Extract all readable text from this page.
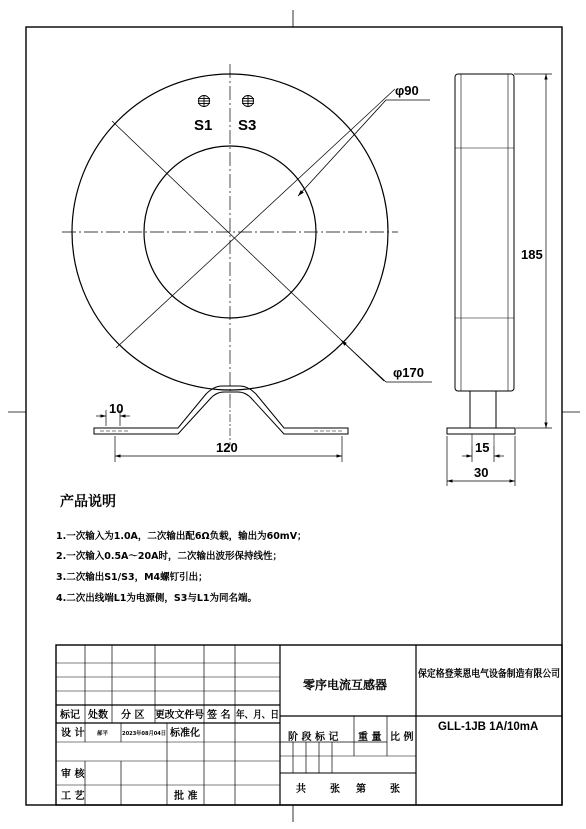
S1 S3
φ90
φ170
10
120
185
15
30
产品说明
1.一次输入为1.0A，二次输出配6Ω负载，输出为60mV；
2.一次输入0.5A～20A时，二次输出波形保持线性；
3.二次输出S1/S3，M4螺钉引出；
4.二次出线端L1为电源侧，S3与L1为同名端。
标记 处数 分 区 更改文件号 签 名 年、月、日
设 计 郝平	2023年08月04日 标准化
审 核
工 艺	批 准
零序电流互感器
保定格登莱恩电气设备制造有限公司
GLL-1JB 1A/10mA
阶 段 标 记 重 量 比 例
共 张 第 张
